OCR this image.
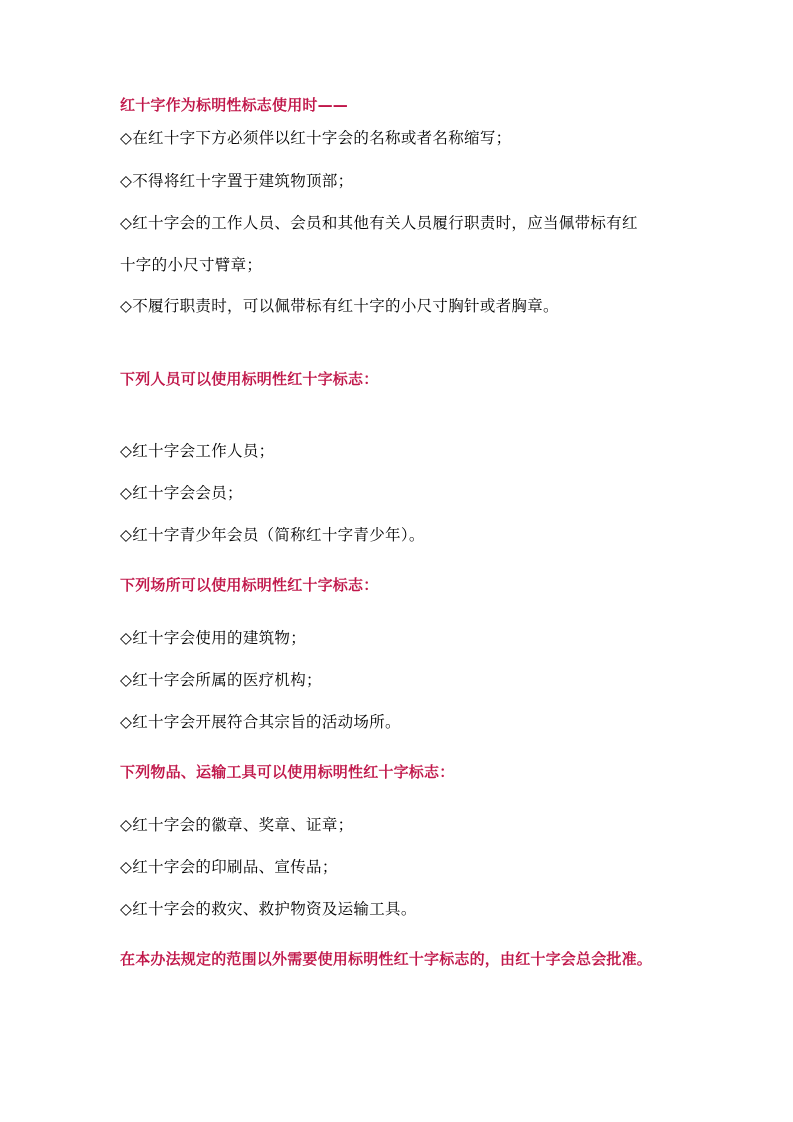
红十字作为标明性标志使用时——
◇在红十字下方必须伴以红十字会的名称或者名称缩写；
◇不得将红十字置于建筑物顶部；
◇红十字会的工作人员、会员和其他有关人员履行职责时，应当佩带标有红
十字的小尺寸臂章；
◇不履行职责时，可以佩带标有红十字的小尺寸胸针或者胸章。
下列人员可以使用标明性红十字标志：
◇红十字会工作人员；
◇红十字会会员；
◇红十字青少年会员（简称红十字青少年）。
下列场所可以使用标明性红十字标志：
◇红十字会使用的建筑物；
◇红十字会所属的医疗机构；
◇红十字会开展符合其宗旨的活动场所。
下列物品、运输工具可以使用标明性红十字标志：
◇红十字会的徽章、奖章、证章；
◇红十字会的印刷品、宣传品；
◇红十字会的救灾、救护物资及运输工具。
在本办法规定的范围以外需要使用标明性红十字标志的，由红十字会总会批准。
